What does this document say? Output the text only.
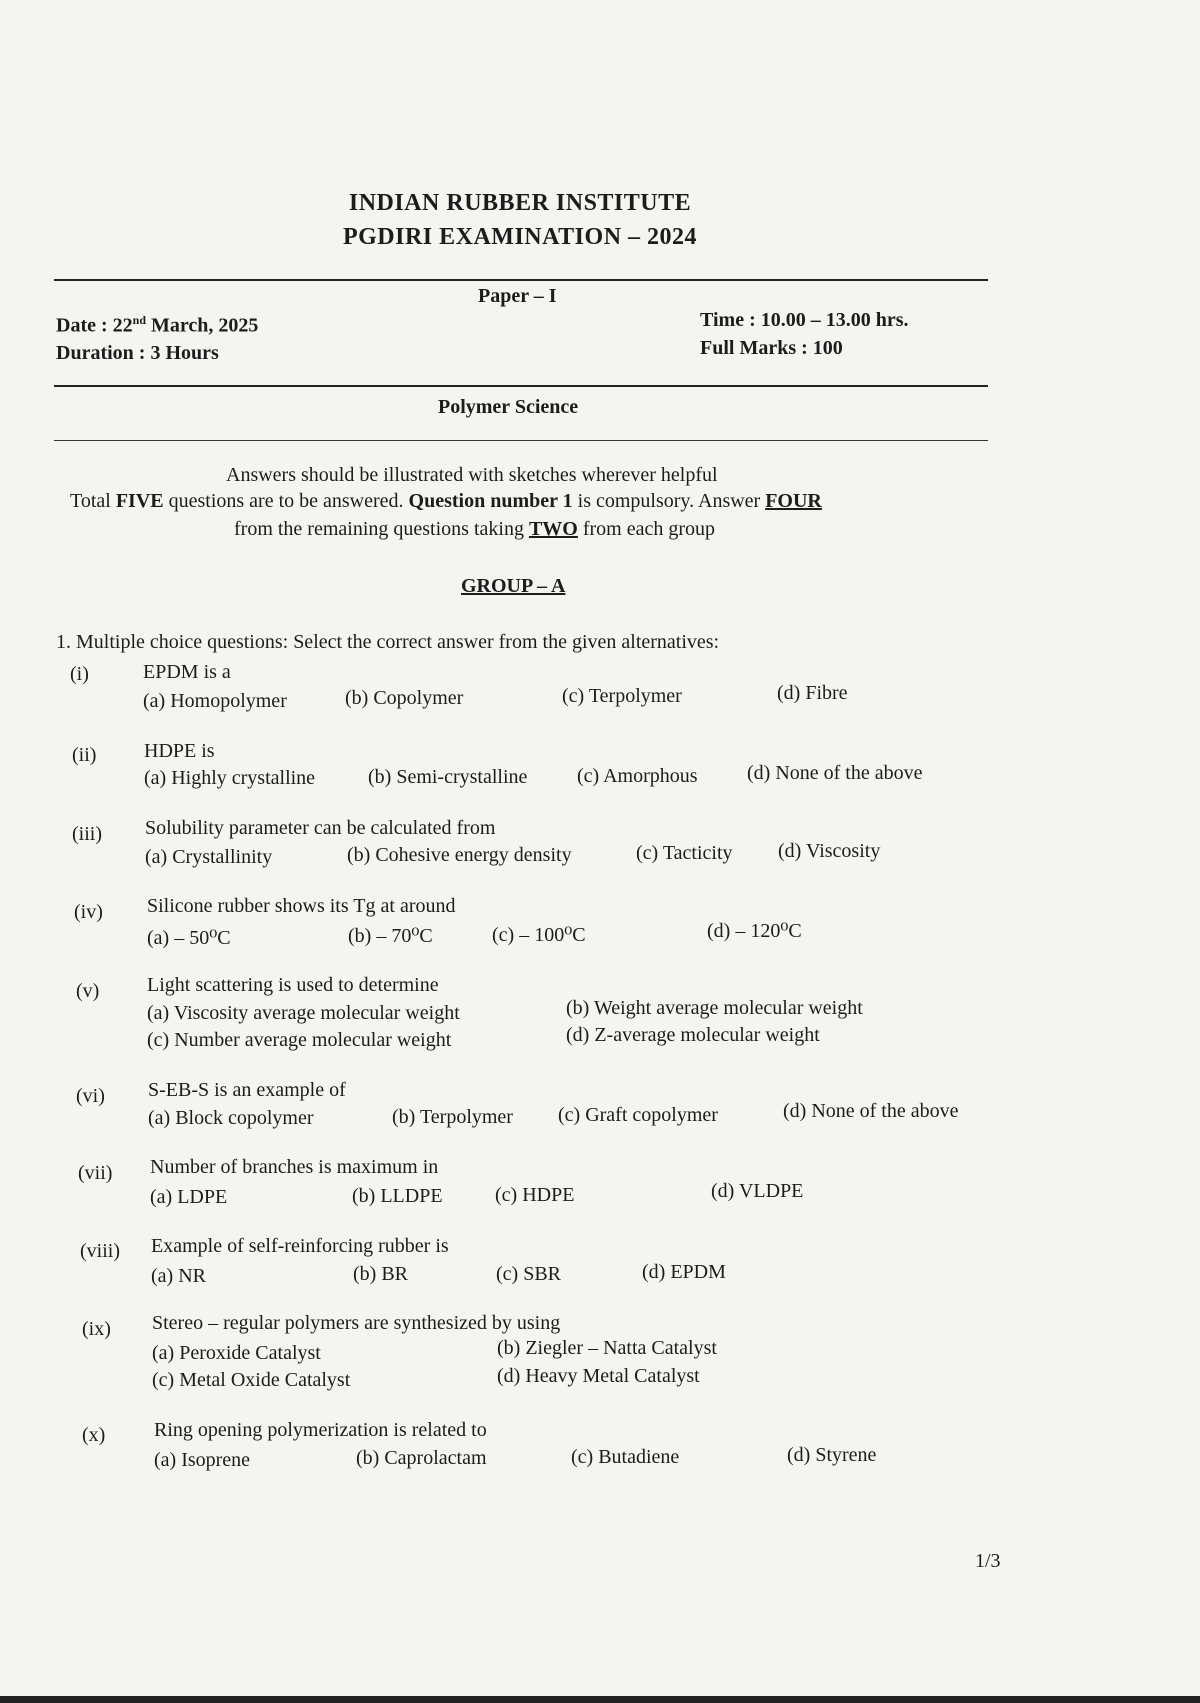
INDIAN RUBBER INSTITUTE
PGDIRI EXAMINATION – 2024
Paper – I
Date : 22nd March, 2025
Duration : 3 Hours
Time : 10.00 – 13.00 hrs.
Full Marks : 100
Polymer Science
Answers should be illustrated with sketches wherever helpful
Total FIVE questions are to be answered. Question number 1 is compulsory. Answer FOUR
from the remaining questions taking TWO from each group
GROUP – A
1. Multiple choice questions: Select the correct answer from the given alternatives:
(i)	EPDM is a
(a) Homopolymer	(b) Copolymer	(c) Terpolymer	(d) Fibre
(ii) HDPE is
(a) Highly crystalline	(b) Semi-crystalline (c) Amorphous (d) None of the above
(iii) Solubility parameter can be calculated from
(a) Crystallinity	(b) Cohesive energy density	(c) Tacticity (d) Viscosity
(iv) Silicone rubber shows its Tg at around
(a) – 50⁰C	(b) – 70⁰C	(c) – 100⁰C	(d) – 120⁰C
(v) Light scattering is used to determine
(a) Viscosity average molecular weight	(b) Weight average molecular weight
(c) Number average molecular weight	(d) Z-average molecular weight
(vi) S-EB-S is an example of
(a) Block copolymer	(b) Terpolymer (c) Graft copolymer	(d) None of the above
(vii) Number of branches is maximum in
(a) LDPE	(b) LLDPE	(c) HDPE	(d) VLDPE
(viii) Example of self-reinforcing rubber is
(a) NR	(b) BR	(c) SBR	(d) EPDM
(ix) Stereo – regular polymers are synthesized by using
(a) Peroxide Catalyst	(b) Ziegler – Natta Catalyst
(c) Metal Oxide Catalyst	(d) Heavy Metal Catalyst
(x) Ring opening polymerization is related to
(a) Isoprene	(b) Caprolactam	(c) Butadiene	(d) Styrene
1/3
